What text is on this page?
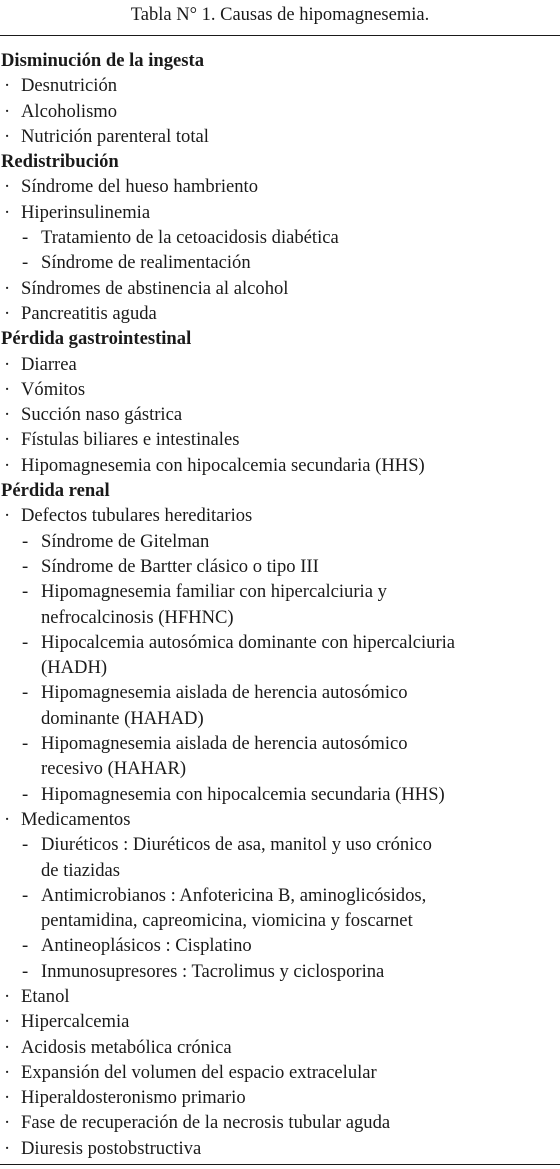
Tabla N° 1. Causas de hipomagnesemia.
Disminución de la ingesta
· Desnutrición
· Alcoholismo
· Nutrición parenteral total
Redistribución
· Síndrome del hueso hambriento
· Hiperinsulinemia
- Tratamiento de la cetoacidosis diabética
- Síndrome de realimentación
· Síndromes de abstinencia al alcohol
· Pancreatitis aguda
Pérdida gastrointestinal
· Diarrea
· Vómitos
· Succión naso gástrica
· Fístulas biliares e intestinales
· Hipomagnesemia con hipocalcemia secundaria (HHS)
Pérdida renal
· Defectos tubulares hereditarios
- Síndrome de Gitelman
- Síndrome de Bartter clásico o tipo III
- Hipomagnesemia familiar con hipercalciuria y
nefrocalcinosis (HFHNC)
- Hipocalcemia autosómica dominante con hipercalciuria
(HADH)
- Hipomagnesemia aislada de herencia autosómico
dominante (HAHAD)
- Hipomagnesemia aislada de herencia autosómico
recesivo (HAHAR)
- Hipomagnesemia con hipocalcemia secundaria (HHS)
· Medicamentos
- Diuréticos : Diuréticos de asa, manitol y uso crónico
de tiazidas
- Antimicrobianos : Anfotericina B, aminoglicósidos,
pentamidina, capreomicina, viomicina y foscarnet
- Antineoplásicos : Cisplatino
- Inmunosupresores : Tacrolimus y ciclosporina
· Etanol
· Hipercalcemia
· Acidosis metabólica crónica
· Expansión del volumen del espacio extracelular
· Hiperaldosteronismo primario
· Fase de recuperación de la necrosis tubular aguda
· Diuresis postobstructiva
